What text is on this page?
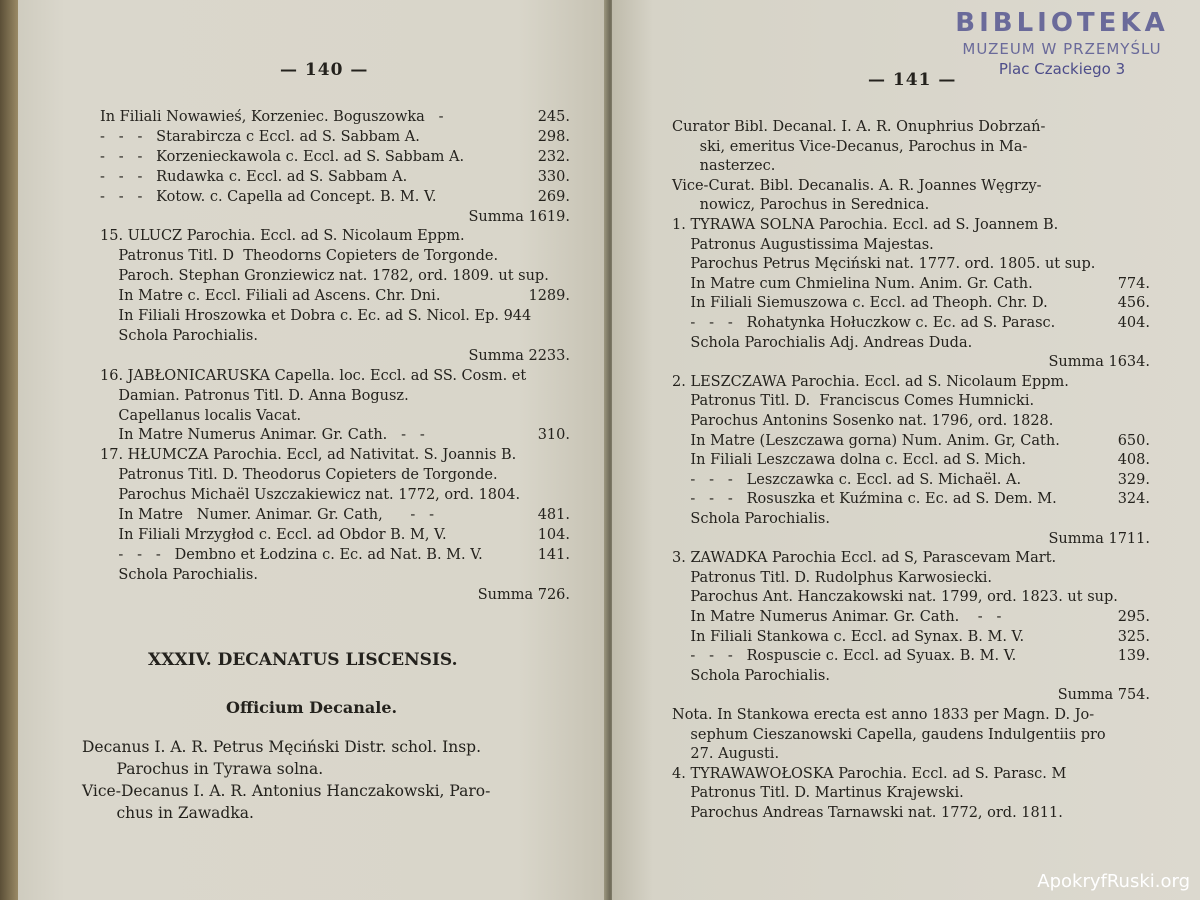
— 140 —
In Filiali Nowawieś, Korzeniec. Boguszowka   -	245.
-   -   -   Starabircza c Eccl. ad S. Sabbam A.	298.
-   -   -   Korzenieckawola c. Eccl. ad S. Sabbam A.	232.
-   -   -   Rudawka c. Eccl. ad S. Sabbam A.	330.
-   -   -   Kotow. c. Capella ad Concept. B. M. V.	269.
Summa 1619.
15. ULUCZ Parochia. Eccl. ad S. Nicolaum Eppm.
Patronus Titl. D  Theodorns Copieters de Torgonde.
Paroch. Stephan Gronziewicz nat. 1782, ord. 1809. ut sup.
In Matre c. Eccl. Filiali ad Ascens. Chr. Dni.	1289.
In Filiali Hroszowka et Dobra c. Ec. ad S. Nicol. Ep. 944
Schola Parochialis.
Summa 2233.
16. JABŁONICARUSKA Capella. loc. Eccl. ad SS. Cosm. et
Damian. Patronus Titl. D. Anna Bogusz.
Capellanus localis Vacat.
In Matre Numerus Animar. Gr. Cath.   -   -	310.
17. HŁUMCZA Parochia. Eccl, ad Nativitat. S. Joannis B.
Patronus Titl. D. Theodorus Copieters de Torgonde.
Parochus Michaël Uszczakiewicz nat. 1772, ord. 1804.
In Matre   Numer. Animar. Gr. Cath,      -   -	481.
In Filiali Mrzygłod c. Eccl. ad Obdor B. M, V.	104.
-   -   -   Dembno et Łodzina c. Ec. ad Nat. B. M. V.	141.
Schola Parochialis.
Summa 726.
XXXIV. DECANATUS LISCENSIS.
Officium Decanale.
Decanus I. A. R. Petrus Męciński Distr. schol. Insp.
Parochus in Tyrawa solna.
Vice-Decanus I. A. R. Antonius Hanczakowski, Paro-
chus in Zawadka.
— 141 —
Curator Bibl. Decanal. I. A. R. Onuphrius Dobrzań-
ski, emeritus Vice-Decanus, Parochus in Ma-
nasterzec.
Vice-Curat. Bibl. Decanalis. A. R. Joannes Węgrzy-
nowicz, Parochus in Serednica.
1. TYRAWA SOLNA Parochia. Eccl. ad S. Joannem B.
Patronus Augustissima Majestas.
Parochus Petrus Męciński nat. 1777. ord. 1805. ut sup.
In Matre cum Chmielina Num. Anim. Gr. Cath.	774.
In Filiali Siemuszowa c. Eccl. ad Theoph. Chr. D.	456.
-   -   -   Rohatynka Hołuczkow c. Ec. ad S. Parasc.	404.
Schola Parochialis Adj. Andreas Duda.
Summa 1634.
2. LESZCZAWA Parochia. Eccl. ad S. Nicolaum Eppm.
Patronus Titl. D.  Franciscus Comes Humnicki.
Parochus Antonins Sosenko nat. 1796, ord. 1828.
In Matre (Leszczawa gorna) Num. Anim. Gr, Cath.	650.
In Filiali Leszczawa dolna c. Eccl. ad S. Mich.	408.
-   -   -   Leszczawka c. Eccl. ad S. Michaël. A.	329.
-   -   -   Rosuszka et Kuźmina c. Ec. ad S. Dem. M.	324.
Schola Parochialis.
Summa 1711.
3. ZAWADKA Parochia Eccl. ad S, Parascevam Mart.
Patronus Titl. D. Rudolphus Karwosiecki.
Parochus Ant. Hanczakowski nat. 1799, ord. 1823. ut sup.
In Matre Numerus Animar. Gr. Cath.    -   -	295.
In Filiali Stankowa c. Eccl. ad Synax. B. M. V.	325.
-   -   -   Rospuscie c. Eccl. ad Syuax. B. M. V.	139.
Schola Parochialis.
Summa 754.
Nota. In Stankowa erecta est anno 1833 per Magn. D. Jo-
sephum Cieszanowski Capella, gaudens Indulgentiis pro
27. Augusti.
4. TYRAWAWOŁOSKA Parochia. Eccl. ad S. Parasc. M
Patronus Titl. D. Martinus Krajewski.
Parochus Andreas Tarnawski nat. 1772, ord. 1811.
BIBLIOTEKA
MUZEUM W PRZEMYŚLU
Plac Czackiego 3
ApokryfRuski.org
